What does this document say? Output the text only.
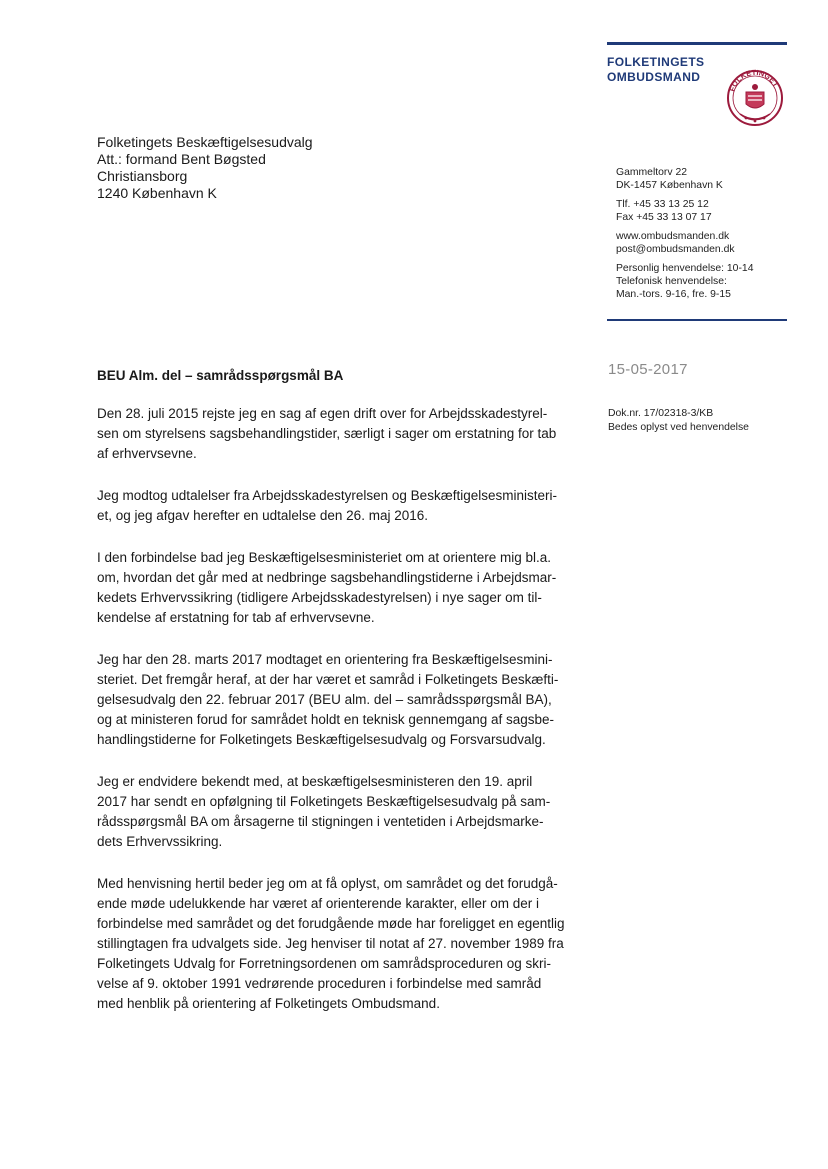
FOLKETINGETS
OMBUDSMAND
FOLKETINGET
Folketingets Beskæftigelsesudvalg
Att.: formand Bent Bøgsted
Christiansborg
1240 København K
Gammeltorv 22
DK-1457 København K
Tlf. +45 33 13 25 12
Fax +45 33 13 07 17
www.ombudsmanden.dk
post@ombudsmanden.dk
Personlig henvendelse: 10-14
Telefonisk henvendelse:
Man.-tors. 9-16, fre. 9-15
15-05-2017
Dok.nr. 17/02318-3/KB
Bedes oplyst ved henvendelse
BEU Alm. del – samrådsspørgsmål BA
Den 28. juli 2015 rejste jeg en sag af egen drift over for Arbejdsskadestyrel-
sen om styrelsens sagsbehandlingstider, særligt i sager om erstatning for tab
af erhvervsevne.
Jeg modtog udtalelser fra Arbejdsskadestyrelsen og Beskæftigelsesministeri-
et, og jeg afgav herefter en udtalelse den 26. maj 2016.
I den forbindelse bad jeg Beskæftigelsesministeriet om at orientere mig bl.a.
om, hvordan det går med at nedbringe sagsbehandlingstiderne i Arbejdsmar-
kedets Erhvervssikring (tidligere Arbejdsskadestyrelsen) i nye sager om til-
kendelse af erstatning for tab af erhvervsevne.
Jeg har den 28. marts 2017 modtaget en orientering fra Beskæftigelsesmini-
steriet. Det fremgår heraf, at der har været et samråd i Folketingets Beskæfti-
gelsesudvalg den 22. februar 2017 (BEU alm. del – samrådsspørgsmål BA),
og at ministeren forud for samrådet holdt en teknisk gennemgang af sagsbe-
handlingstiderne for Folketingets Beskæftigelsesudvalg og Forsvarsudvalg.
Jeg er endvidere bekendt med, at beskæftigelsesministeren den 19. april
2017 har sendt en opfølgning til Folketingets Beskæftigelsesudvalg på sam-
rådsspørgsmål BA om årsagerne til stigningen i ventetiden i Arbejdsmarke-
dets Erhvervssikring.
Med henvisning hertil beder jeg om at få oplyst, om samrådet og det forudgå-
ende møde udelukkende har været af orienterende karakter, eller om der i
forbindelse med samrådet og det forudgående møde har foreligget en egentlig
stillingtagen fra udvalgets side. Jeg henviser til notat af 27. november 1989 fra
Folketingets Udvalg for Forretningsordenen om samrådsproceduren og skri-
velse af 9. oktober 1991 vedrørende proceduren i forbindelse med samråd
med henblik på orientering af Folketingets Ombudsmand.
